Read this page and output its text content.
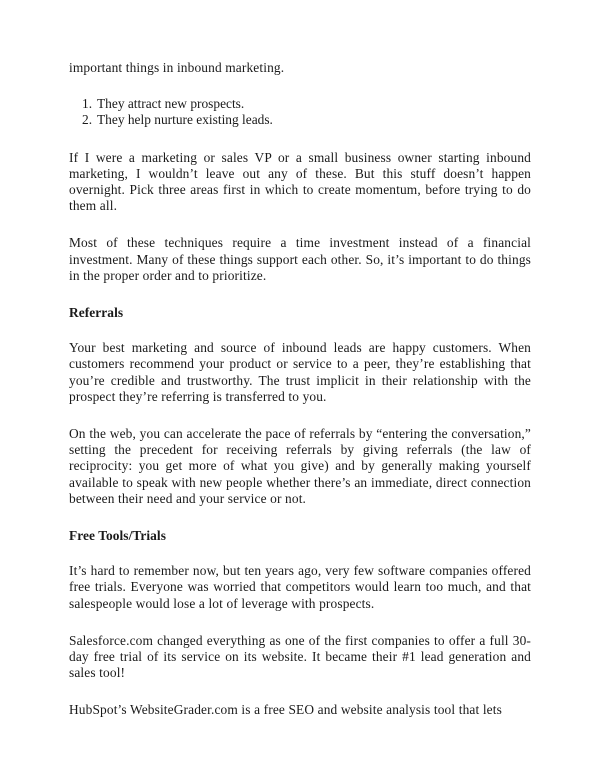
important things in inbound marketing.

They attract new prospects.
They help nurture existing leads.

If I were a marketing or sales VP or a small business owner starting inbound marketing, I wouldn’t leave out any of these. But this stuff doesn’t happen overnight. Pick three areas first in which to create momentum, before trying to do them all.

Most of these techniques require a time investment instead of a financial investment. Many of these things support each other. So, it’s important to do things in the proper order and to prioritize.

Referrals

Your best marketing and source of inbound leads are happy customers. When customers recommend your product or service to a peer, they’re establishing that you’re credible and trustworthy. The trust implicit in their relationship with the prospect they’re referring is transferred to you.

On the web, you can accelerate the pace of referrals by “entering the conversation,” setting the precedent for receiving referrals by giving referrals (the law of reciprocity: you get more of what you give) and by generally making yourself available to speak with new people whether there’s an immediate, direct connection between their need and your service or not.

Free Tools/Trials

It’s hard to remember now, but ten years ago, very few software companies offered free trials. Everyone was worried that competitors would learn too much, and that salespeople would lose a lot of leverage with prospects.

Salesforce.com changed everything as one of the first companies to offer a full 30-day free trial of its service on its website. It became their #1 lead generation and sales tool!

HubSpot’s WebsiteGrader.com is a free SEO and website analysis tool that lets
